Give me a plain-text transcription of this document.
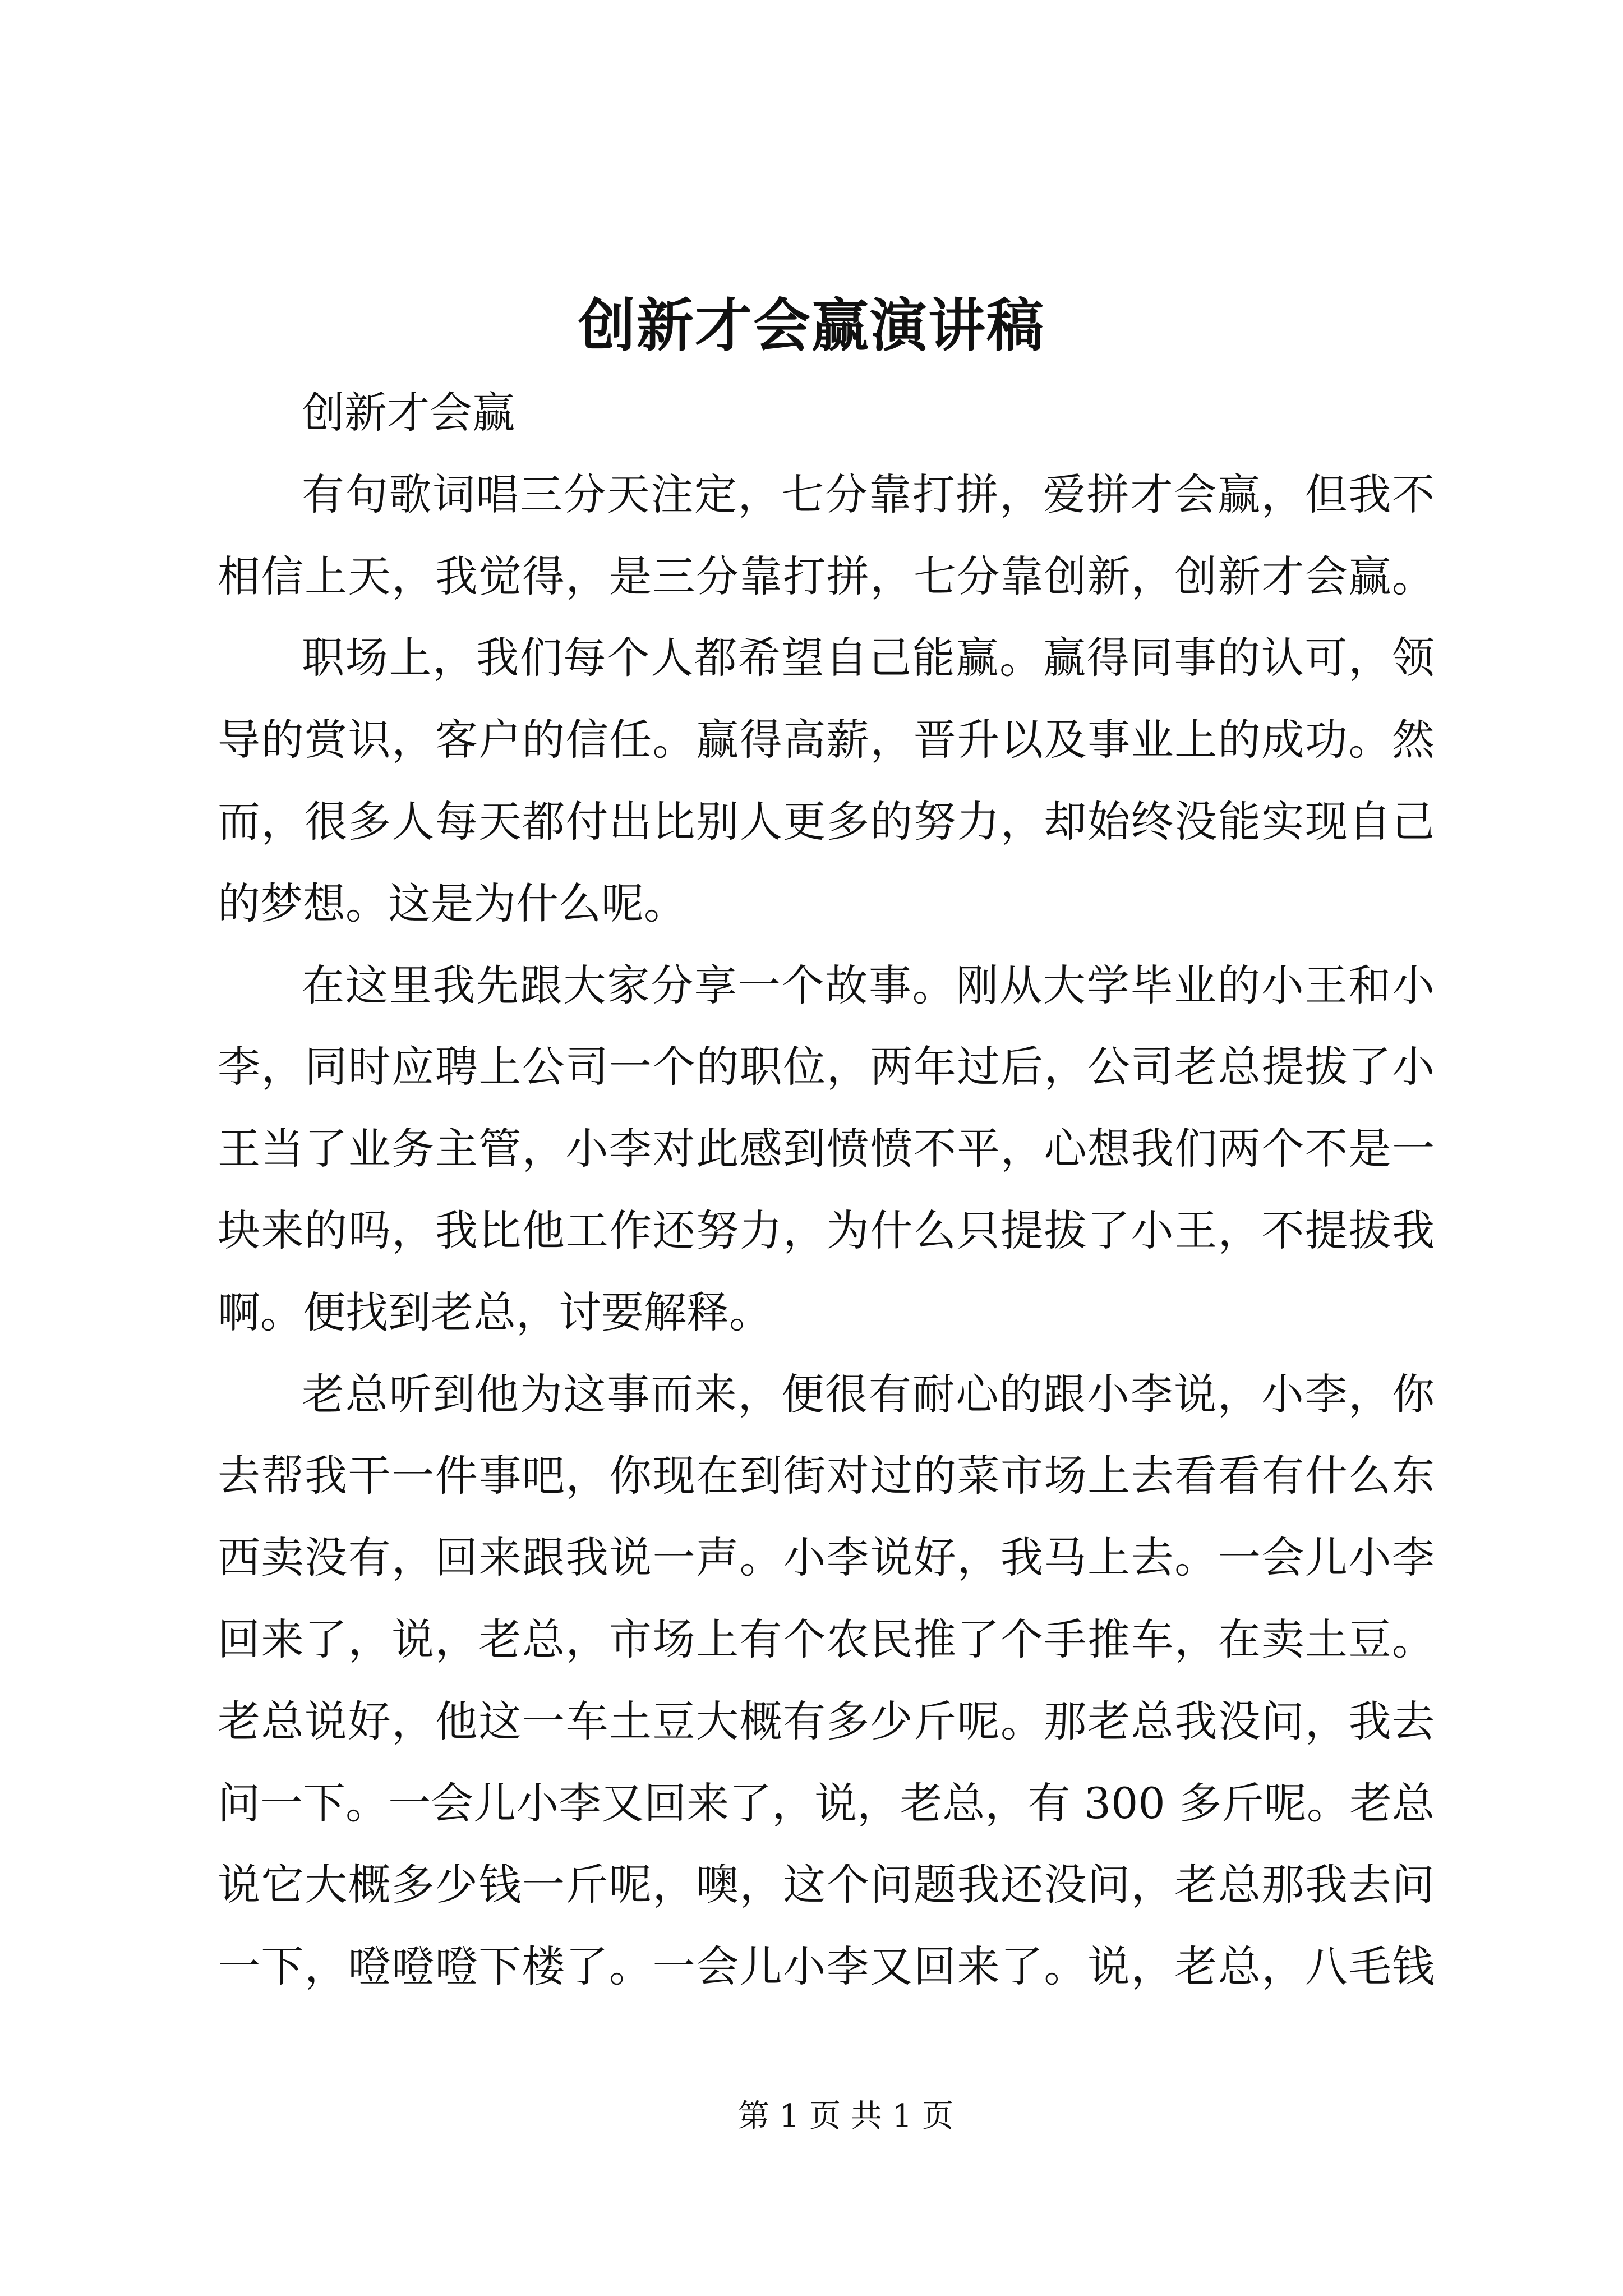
创新才会赢演讲稿
创新才会赢
有句歌词唱三分天注定，七分靠打拼，爱拼才会赢，但我不
相信上天，我觉得，是三分靠打拼，七分靠创新，创新才会赢。
职场上，我们每个人都希望自己能赢。赢得同事的认可，领
导的赏识，客户的信任。赢得高薪，晋升以及事业上的成功。然
而，很多人每天都付出比别人更多的努力，却始终没能实现自己
的梦想。这是为什么呢。
在这里我先跟大家分享一个故事。刚从大学毕业的小王和小
李，同时应聘上公司一个的职位，两年过后，公司老总提拔了小
王当了业务主管，小李对此感到愤愤不平，心想我们两个不是一
块来的吗，我比他工作还努力，为什么只提拔了小王，不提拔我
啊。便找到老总，讨要解释。
老总听到他为这事而来，便很有耐心的跟小李说，小李，你
去帮我干一件事吧，你现在到街对过的菜市场上去看看有什么东
西卖没有，回来跟我说一声。小李说好，我马上去。一会儿小李
回来了，说，老总，市场上有个农民推了个手推车，在卖土豆。
老总说好，他这一车土豆大概有多少斤呢。那老总我没问，我去
问一下。一会儿小李又回来了，说，老总，有 300 多斤呢。老总
说它大概多少钱一斤呢，噢，这个问题我还没问，老总那我去问
一下，噔噔噔下楼了。一会儿小李又回来了。说，老总，八毛钱
第 1 页 共 1 页
